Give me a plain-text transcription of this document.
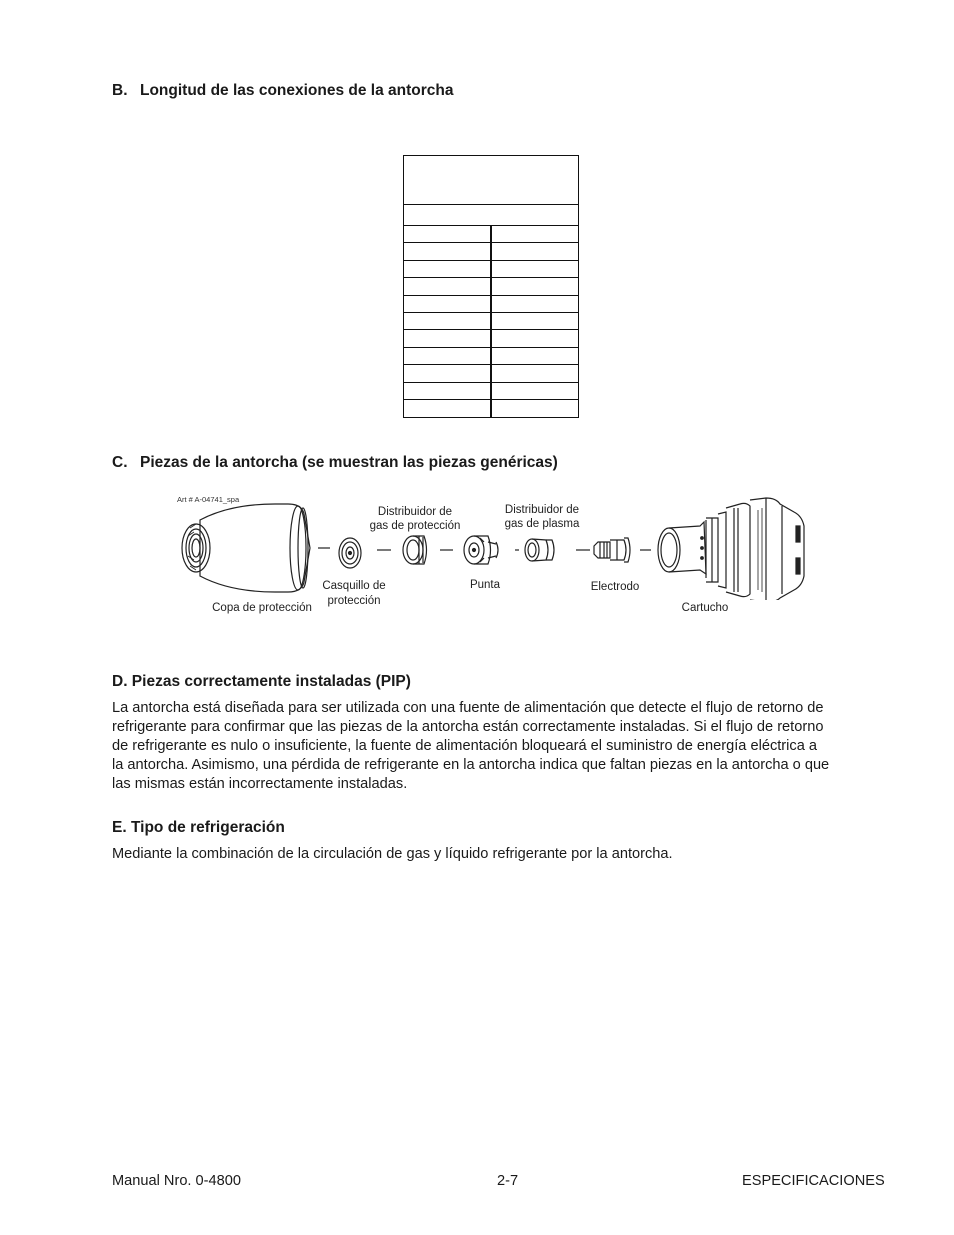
B. Longitud de las conexiones de la antorcha
C. Piezas de la antorcha (se muestran las piezas genéricas)
Art # A-04741_spa
Copa de protección
Casquillo de
protección
Distribuidor de
gas de protección
Punta
Distribuidor de
gas de plasma
Electrodo
Cartucho
D. Piezas correctamente instaladas (PIP)
La antorcha está diseñada para ser utilizada con una fuente de alimentación que detecte el flujo de retorno de
refrigerante para confirmar que las piezas de la antorcha están correctamente instaladas. Si el flujo de retorno
de refrigerante es nulo o insuficiente, la fuente de alimentación bloqueará el suministro de energía eléctrica a
la antorcha. Asimismo, una pérdida de refrigerante en la antorcha indica que faltan piezas en la antorcha o que
las mismas están incorrectamente instaladas.
E. Tipo de refrigeración
Mediante la combinación de la circulación de gas y líquido refrigerante por la antorcha.
Manual Nro. 0-4800	2-7	ESPECIFICACIONES
